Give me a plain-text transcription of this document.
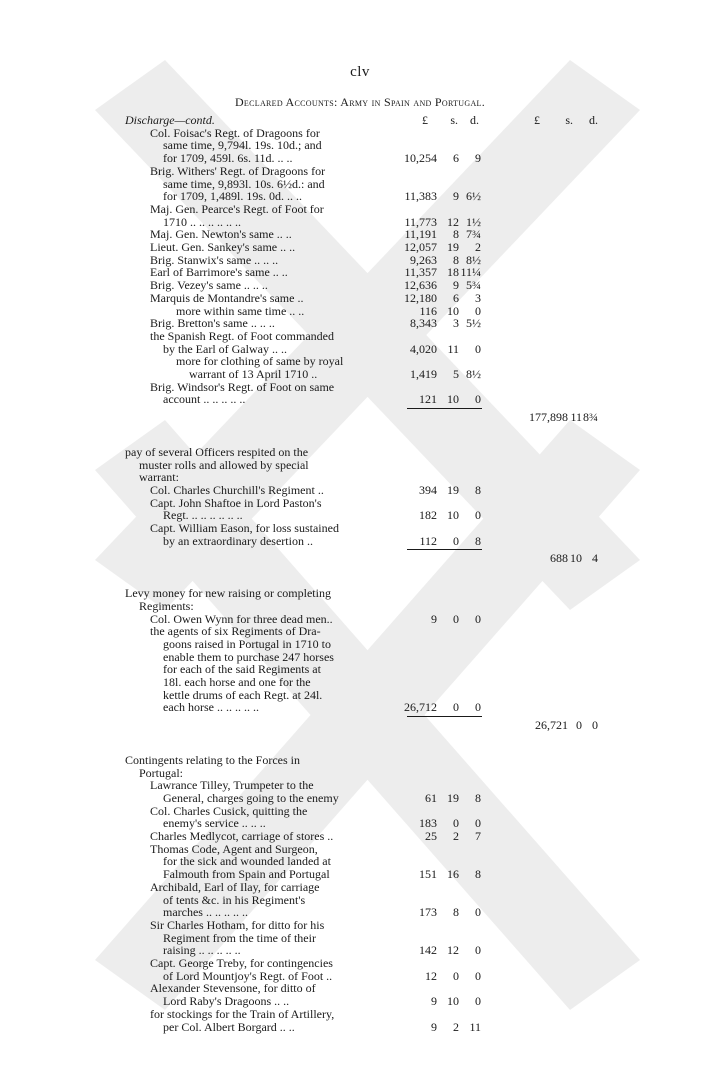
clv
Declared Accounts: Army in Spain and Portugal.
£ s. d.	£ s. d.
Discharge—contd.
Col. Foisac's Regt. of Dragoons for
same time, 9,794l. 19s. 10d.; and
for 1709, 459l. 6s. 11d. .. ..	10,254 6 9
Brig. Withers' Regt. of Dragoons for
same time, 9,893l. 10s. 6½d.: and
for 1709, 1,489l. 19s. 0d. .. ..	11,383 9 6½
Maj. Gen. Pearce's Regt. of Foot for
1710 .. .. .. .. .. ..	11,773 12 1½
Maj. Gen. Newton's same .. ..	11,191 8 7¾
Lieut. Gen. Sankey's same .. ..	12,057 19 2
Brig. Stanwix's same .. .. ..	9,263 8 8½
Earl of Barrimore's same .. ..	11,357 18 11¼
Brig. Vezey's same .. .. ..	12,636 9 5¾
Marquis de Montandre's same ..	12,180 6 3
more within same time .. ..	116 10 0
Brig. Bretton's same .. .. ..	8,343 3 5½
the Spanish Regt. of Foot commanded
by the Earl of Galway .. ..	4,020 11 0
more for clothing of same by royal
warrant of 13 April 1710 ..	1,419 5 8½
Brig. Windsor's Regt. of Foot on same
account .. .. .. .. ..	121 10 0
177,898 11 8¾
pay of several Officers respited on the
muster rolls and allowed by special
warrant:
Col. Charles Churchill's Regiment ..	394 19 8
Capt. John Shaftoe in Lord Paston's
Regt. .. .. .. .. .. ..	182 10 0
Capt. William Eason, for loss sustained
by an extraordinary desertion ..	112 0 8
688 10 4
Levy money for new raising or completing
Regiments:
Col. Owen Wynn for three dead men..	9 0 0
the agents of six Regiments of Dra-
goons raised in Portugal in 1710 to
enable them to purchase 247 horses
for each of the said Regiments at
18l. each horse and one for the
kettle drums of each Regt. at 24l.
each horse .. .. .. .. ..	26,712 0 0
26,721 0 0
Contingents relating to the Forces in
Portugal:
Lawrance Tilley, Trumpeter to the
General, charges going to the enemy	61 19 8
Col. Charles Cusick, quitting the
enemy's service .. .. ..	183 0 0
Charles Medlycot, carriage of stores ..	25 2 7
Thomas Code, Agent and Surgeon,
for the sick and wounded landed at
Falmouth from Spain and Portugal	151 16 8
Archibald, Earl of Ilay, for carriage
of tents &c. in his Regiment's
marches .. .. .. .. ..	173 8 0
Sir Charles Hotham, for ditto for his
Regiment from the time of their
raising .. .. .. .. ..	142 12 0
Capt. George Treby, for contingencies
of Lord Mountjoy's Regt. of Foot ..	12 0 0
Alexander Stevensone, for ditto of
Lord Raby's Dragoons .. ..	9 10 0
for stockings for the Train of Artillery,
per Col. Albert Borgard .. ..	9 2 11
